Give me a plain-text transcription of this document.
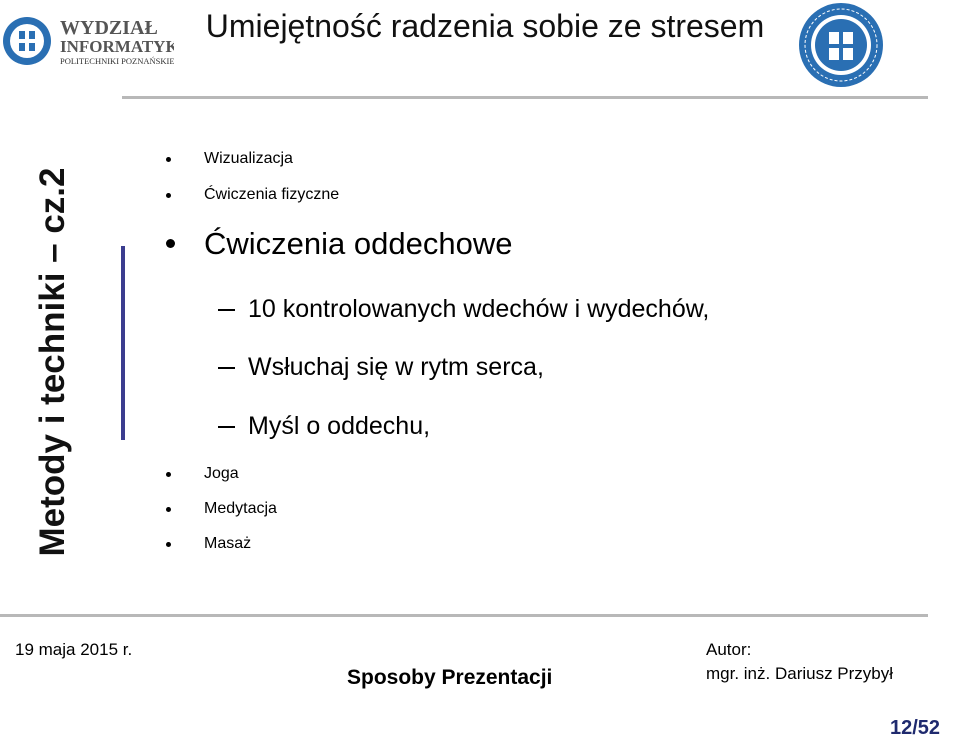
WYDZIAŁ
INFORMATYKI
POLITECHNIKI POZNAŃSKIEJ
Umiejętność radzenia sobie ze stresem
Metody i techniki – cz.2
Wizualizacja
Ćwiczenia fizyczne
Ćwiczenia oddechowe
10 kontrolowanych wdechów i wydechów,
Wsłuchaj się w rytm serca,
Myśl o oddechu,
Joga
Medytacja
Masaż
19 maja 2015 r.
Sposoby Prezentacji
Autor:
mgr. inż. Dariusz Przybył
12/52
